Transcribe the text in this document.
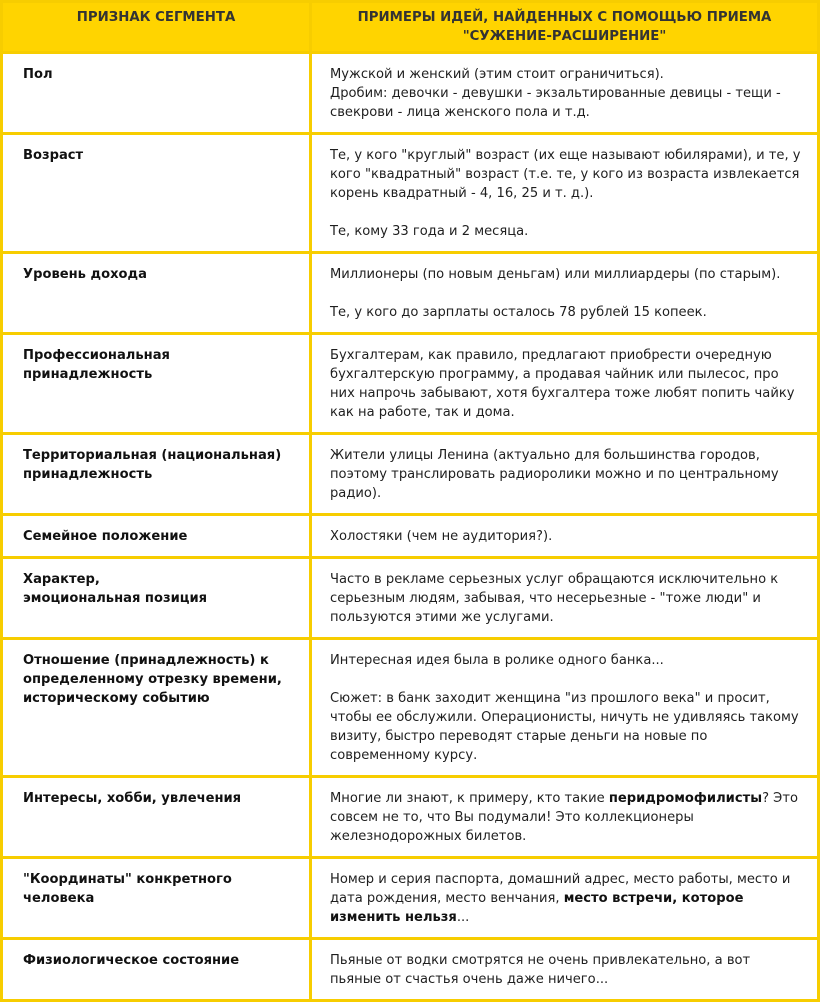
ПРИЗНАК СЕГМЕНТА	ПРИМЕРЫ ИДЕЙ, НАЙДЕННЫХ С ПОМОЩЬЮ ПРИЕМА
"СУЖЕНИЕ-РАСШИРЕНИЕ"
Пол	Мужской и женский (этим стоит ограничиться).

Дробим: девочки - девушки - экзальтированные девицы - тещи - свекрови - лица женского пола и т.д.

Возраст	Те, у кого "круглый" возраст (их еще называют юбилярами), и те, у кого "квадратный" возраст (т.е. те, у кого из возраста извлекается корень квадратный - 4, 16, 25 и т. д.).

Те, кому 33 года и 2 месяца.

Уровень дохода	Миллионеры (по новым деньгам) или миллиардеры (по старым).

Те, у кого до зарплаты осталось 78 рублей 15 копеек.

Профессиональная принадлежность	Бухгалтерам, как правило, предлагают приобрести очередную бухгалтерскую программу, а продавая чайник или пылесос, про них напрочь забывают, хотя бухгалтера тоже любят попить чайку как на работе, так и дома.

Территориальная (национальная) принадлежность	Жители улицы Ленина (актуально для большинства городов, поэтому транслировать радиоролики можно и по центральному радио).

Семейное положение	Холостяки (чем не аудитория?).

Характер,
эмоциональная позиция	Часто в рекламе серьезных услуг обращаются исключительно к серьезным людям, забывая, что несерьезные - "тоже люди" и пользуются этими же услугами.

Отношение (принадлежность) к определенному отрезку времени, историческому событию	Интересная идея была в ролике одного банка...

Сюжет: в банк заходит женщина "из прошлого века" и просит, чтобы ее обслужили. Операционисты, ничуть не удивляясь такому визиту, быстро переводят старые деньги на новые по современному курсу.

Интересы, хобби, увлечения	Многие ли знают, к примеру, кто такие перидромофилисты? Это совсем не то, что Вы подумали! Это коллекционеры железнодорожных билетов.

"Координаты" конкретного человека	Номер и серия паспорта, домашний адрес, место работы, место и дата рождения, место венчания, место встречи, которое изменить нельзя...

Физиологическое состояние	Пьяные от водки смотрятся не очень привлекательно, а вот пьяные от счастья очень даже ничего...
